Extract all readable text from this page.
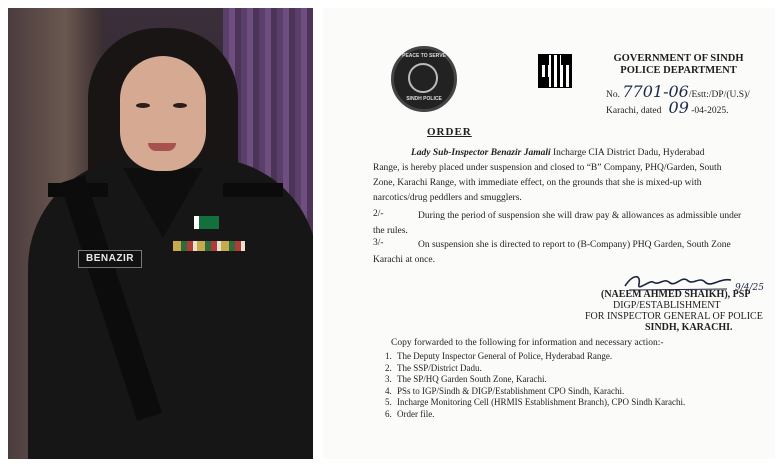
BENAZIR
PEACE TO SERVE
SINDH POLICE
GOVERNMENT OF SINDH
POLICE DEPARTMENT
No. 7701-06/Estt:/DP/(U.S)/
Karachi, dated 09 -04-2025.
ORDER
Lady Sub-Inspector Benazir Jamali Incharge CIA District Dadu, Hyderabad
Range, is hereby placed under suspension and closed to “B” Company, PHQ/Garden, South
Zone, Karachi Range, with immediate effect, on the grounds that she is mixed-up with
narcotics/drug peddlers and smugglers.
2/-	During the period of suspension she will draw pay & allowances as admissible under
the rules.
3/-	On suspension she is directed to report to (B-Company) PHQ Garden, South Zone
Karachi at once.
9/4/25
(NAEEM AHMED SHAIKH), PSP
DIGP/ESTABLISHMENT
FOR INSPECTOR GENERAL OF POLICE
SINDH, KARACHI.
Copy forwarded to the following for information and necessary action:-
1. The Deputy Inspector General of Police, Hyderabad Range.
2. The SSP/District Dadu.
3. The SP/HQ Garden South Zone, Karachi.
4. PSs to IGP/Sindh & DIGP/Establishment CPO Sindh, Karachi.
5. Incharge Monitoring Cell (HRMIS Establishment Branch), CPO Sindh Karachi.
6. Order file.
